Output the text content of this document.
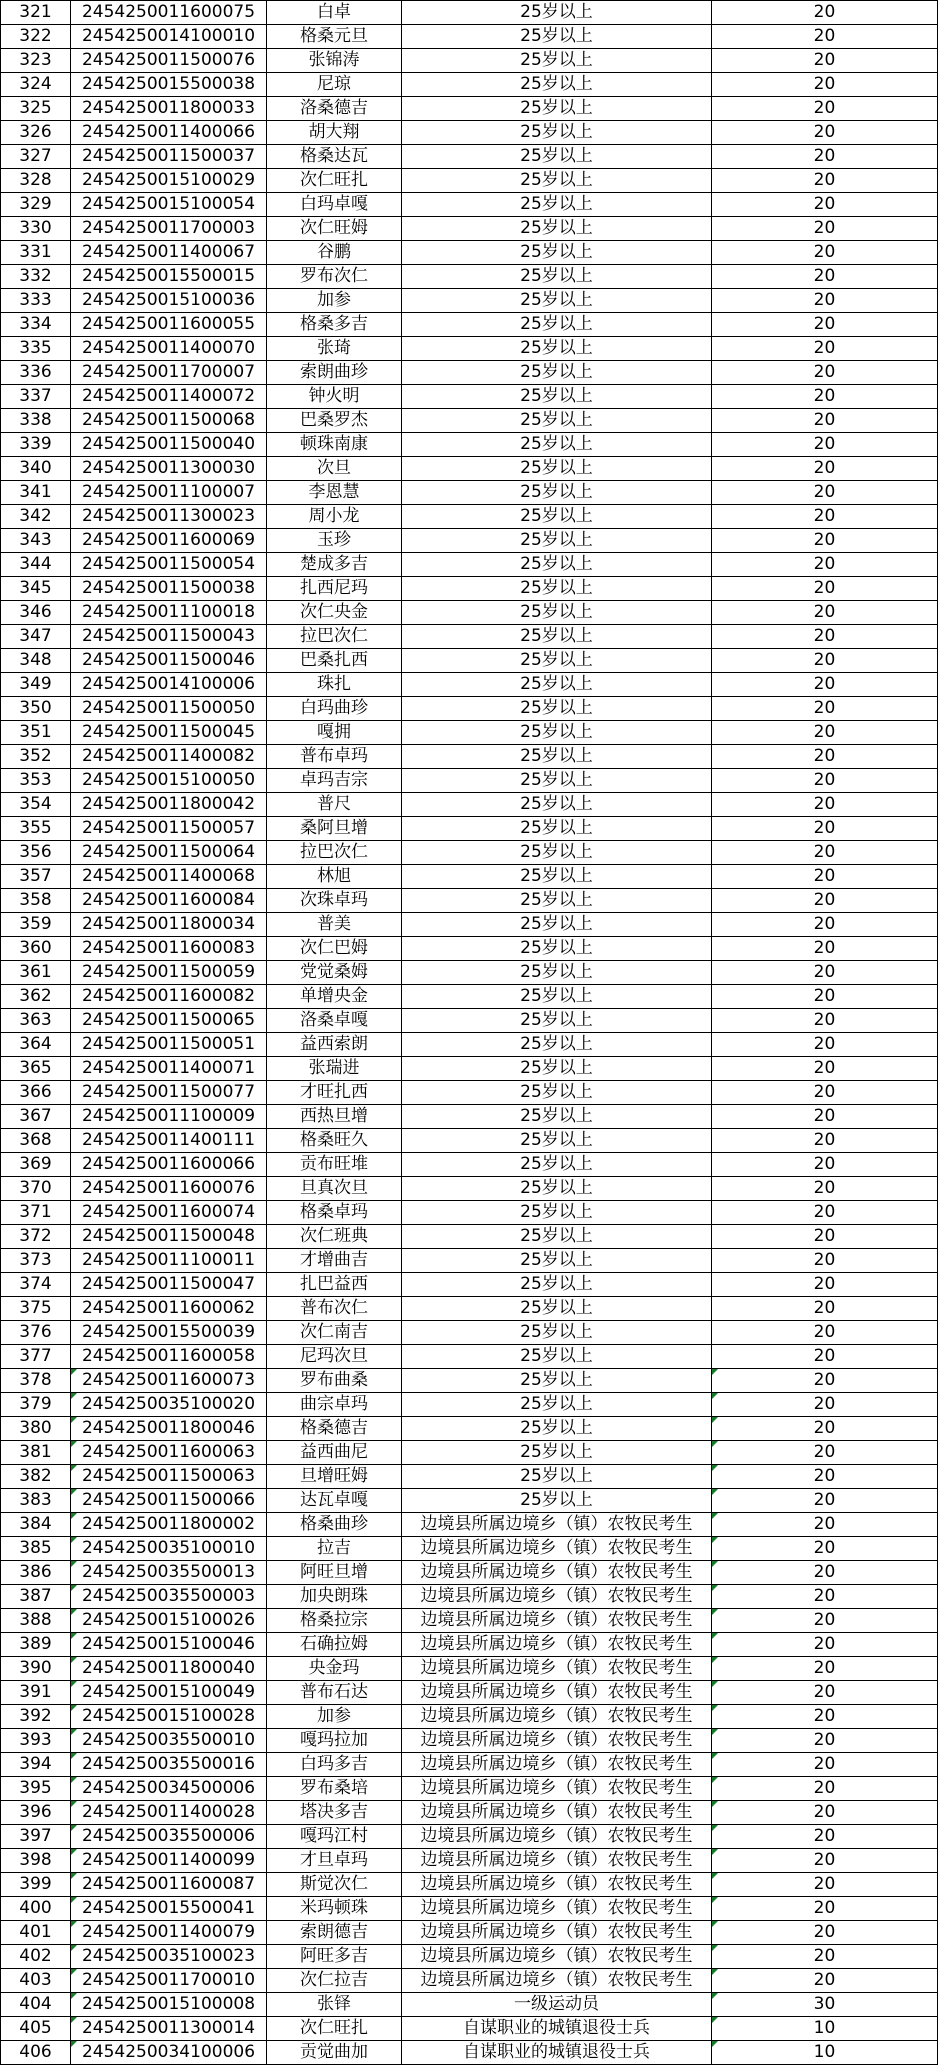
321	2454250011600075	白卓	25岁以上	20
322	2454250014100010	格桑元旦	25岁以上	20
323	2454250011500076	张锦涛	25岁以上	20
324	2454250015500038	尼琼	25岁以上	20
325	2454250011800033	洛桑德吉	25岁以上	20
326	2454250011400066	胡大翔	25岁以上	20
327	2454250011500037	格桑达瓦	25岁以上	20
328	2454250015100029	次仁旺扎	25岁以上	20
329	2454250015100054	白玛卓嘎	25岁以上	20
330	2454250011700003	次仁旺姆	25岁以上	20
331	2454250011400067	谷鹏	25岁以上	20
332	2454250015500015	罗布次仁	25岁以上	20
333	2454250015100036	加参	25岁以上	20
334	2454250011600055	格桑多吉	25岁以上	20
335	2454250011400070	张琦	25岁以上	20
336	2454250011700007	索朗曲珍	25岁以上	20
337	2454250011400072	钟火明	25岁以上	20
338	2454250011500068	巴桑罗杰	25岁以上	20
339	2454250011500040	顿珠南康	25岁以上	20
340	2454250011300030	次旦	25岁以上	20
341	2454250011100007	李恩慧	25岁以上	20
342	2454250011300023	周小龙	25岁以上	20
343	2454250011600069	玉珍	25岁以上	20
344	2454250011500054	楚成多吉	25岁以上	20
345	2454250011500038	扎西尼玛	25岁以上	20
346	2454250011100018	次仁央金	25岁以上	20
347	2454250011500043	拉巴次仁	25岁以上	20
348	2454250011500046	巴桑扎西	25岁以上	20
349	2454250014100006	珠扎	25岁以上	20
350	2454250011500050	白玛曲珍	25岁以上	20
351	2454250011500045	嘎拥	25岁以上	20
352	2454250011400082	普布卓玛	25岁以上	20
353	2454250015100050	卓玛吉宗	25岁以上	20
354	2454250011800042	普尺	25岁以上	20
355	2454250011500057	桑阿旦增	25岁以上	20
356	2454250011500064	拉巴次仁	25岁以上	20
357	2454250011400068	林旭	25岁以上	20
358	2454250011600084	次珠卓玛	25岁以上	20
359	2454250011800034	普美	25岁以上	20
360	2454250011600083	次仁巴姆	25岁以上	20
361	2454250011500059	党觉桑姆	25岁以上	20
362	2454250011600082	单增央金	25岁以上	20
363	2454250011500065	洛桑卓嘎	25岁以上	20
364	2454250011500051	益西索朗	25岁以上	20
365	2454250011400071	张瑞进	25岁以上	20
366	2454250011500077	才旺扎西	25岁以上	20
367	2454250011100009	西热旦增	25岁以上	20
368	2454250011400111	格桑旺久	25岁以上	20
369	2454250011600066	贡布旺堆	25岁以上	20
370	2454250011600076	旦真次旦	25岁以上	20
371	2454250011600074	格桑卓玛	25岁以上	20
372	2454250011500048	次仁班典	25岁以上	20
373	2454250011100011	才增曲吉	25岁以上	20
374	2454250011500047	扎巴益西	25岁以上	20
375	2454250011600062	普布次仁	25岁以上	20
376	2454250015500039	次仁南吉	25岁以上	20
377	2454250011600058	尼玛次旦	25岁以上	20
378	2454250011600073	罗布曲桑	25岁以上	20
379	2454250035100020	曲宗卓玛	25岁以上	20
380	2454250011800046	格桑德吉	25岁以上	20
381	2454250011600063	益西曲尼	25岁以上	20
382	2454250011500063	旦增旺姆	25岁以上	20
383	2454250011500066	达瓦卓嘎	25岁以上	20
384	2454250011800002	格桑曲珍	边境县所属边境乡（镇）农牧民考生	20
385	2454250035100010	拉吉	边境县所属边境乡（镇）农牧民考生	20
386	2454250035500013	阿旺旦增	边境县所属边境乡（镇）农牧民考生	20
387	2454250035500003	加央朗珠	边境县所属边境乡（镇）农牧民考生	20
388	2454250015100026	格桑拉宗	边境县所属边境乡（镇）农牧民考生	20
389	2454250015100046	石确拉姆	边境县所属边境乡（镇）农牧民考生	20
390	2454250011800040	央金玛	边境县所属边境乡（镇）农牧民考生	20
391	2454250015100049	普布石达	边境县所属边境乡（镇）农牧民考生	20
392	2454250015100028	加参	边境县所属边境乡（镇）农牧民考生	20
393	2454250035500010	嘎玛拉加	边境县所属边境乡（镇）农牧民考生	20
394	2454250035500016	白玛多吉	边境县所属边境乡（镇）农牧民考生	20
395	2454250034500006	罗布桑培	边境县所属边境乡（镇）农牧民考生	20
396	2454250011400028	塔决多吉	边境县所属边境乡（镇）农牧民考生	20
397	2454250035500006	嘎玛江村	边境县所属边境乡（镇）农牧民考生	20
398	2454250011400099	才旦卓玛	边境县所属边境乡（镇）农牧民考生	20
399	2454250011600087	斯觉次仁	边境县所属边境乡（镇）农牧民考生	20
400	2454250015500041	米玛顿珠	边境县所属边境乡（镇）农牧民考生	20
401	2454250011400079	索朗德吉	边境县所属边境乡（镇）农牧民考生	20
402	2454250035100023	阿旺多吉	边境县所属边境乡（镇）农牧民考生	20
403	2454250011700010	次仁拉吉	边境县所属边境乡（镇）农牧民考生	20
404	2454250015100008	张铎	一级运动员	30
405	2454250011300014	次仁旺扎	自谋职业的城镇退役士兵	10
406	2454250034100006	贡觉曲加	自谋职业的城镇退役士兵	10
